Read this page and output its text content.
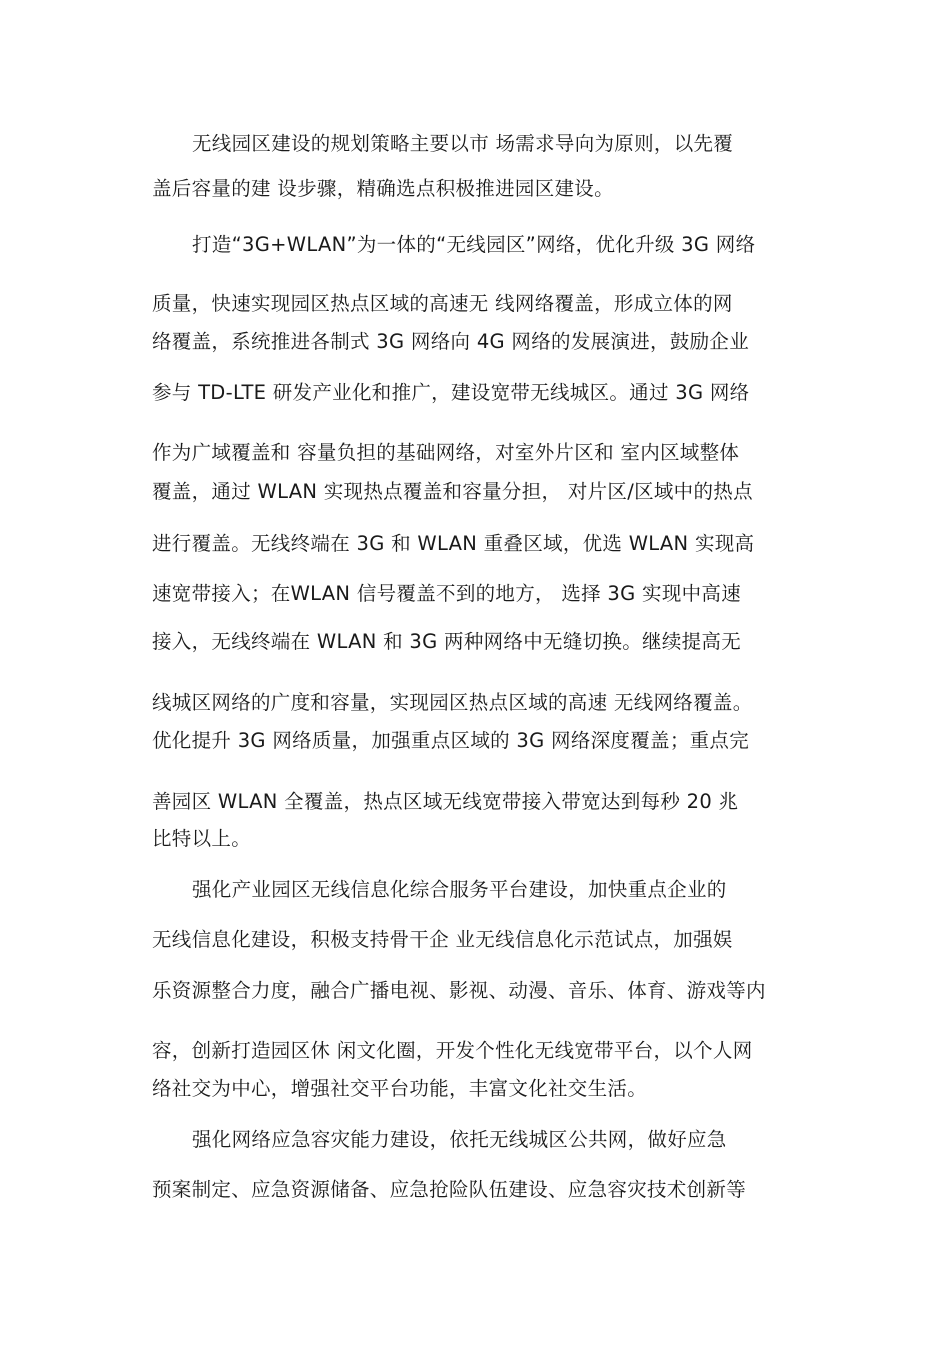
无线园区建设的规划策略主要以市 场需求导向为原则，以先覆
盖后容量的建 设步骤，精确选点积极推进园区建设。
打造“3G+WLAN”为一体的“无线园区”网络，优化升级 3G 网络
质量，快速实现园区热点区域的高速无 线网络覆盖，形成立体的网
络覆盖，系统推进各制式 3G 网络向 4G 网络的发展演进，鼓励企业
参与 TD-LTE 研发产业化和推广，建设宽带无线城区。通过 3G 网络
作为广域覆盖和 容量负担的基础网络，对室外片区和 室内区域整体
覆盖，通过 WLAN 实现热点覆盖和容量分担， 对片区/区域中的热点
进行覆盖。无线终端在 3G 和 WLAN 重叠区域，优选 WLAN 实现高
速宽带接入；在WLAN 信号覆盖不到的地方， 选择 3G 实现中高速
接入，无线终端在 WLAN 和 3G 两种网络中无缝切换。继续提高无
线城区网络的广度和容量，实现园区热点区域的高速 无线网络覆盖。
优化提升 3G 网络质量，加强重点区域的 3G 网络深度覆盖；重点完
善园区 WLAN 全覆盖，热点区域无线宽带接入带宽达到每秒 20 兆
比特以上。
强化产业园区无线信息化综合服务平台建设，加快重点企业的
无线信息化建设，积极支持骨干企 业无线信息化示范试点，加强娱
乐资源整合力度，融合广播电视、影视、动漫、音乐、体育、游戏等内
容，创新打造园区休 闲文化圈，开发个性化无线宽带平台，以个人网
络社交为中心，增强社交平台功能，丰富文化社交生活。
强化网络应急容灾能力建设，依托无线城区公共网，做好应急
预案制定、应急资源储备、应急抢险队伍建设、应急容灾技术创新等
